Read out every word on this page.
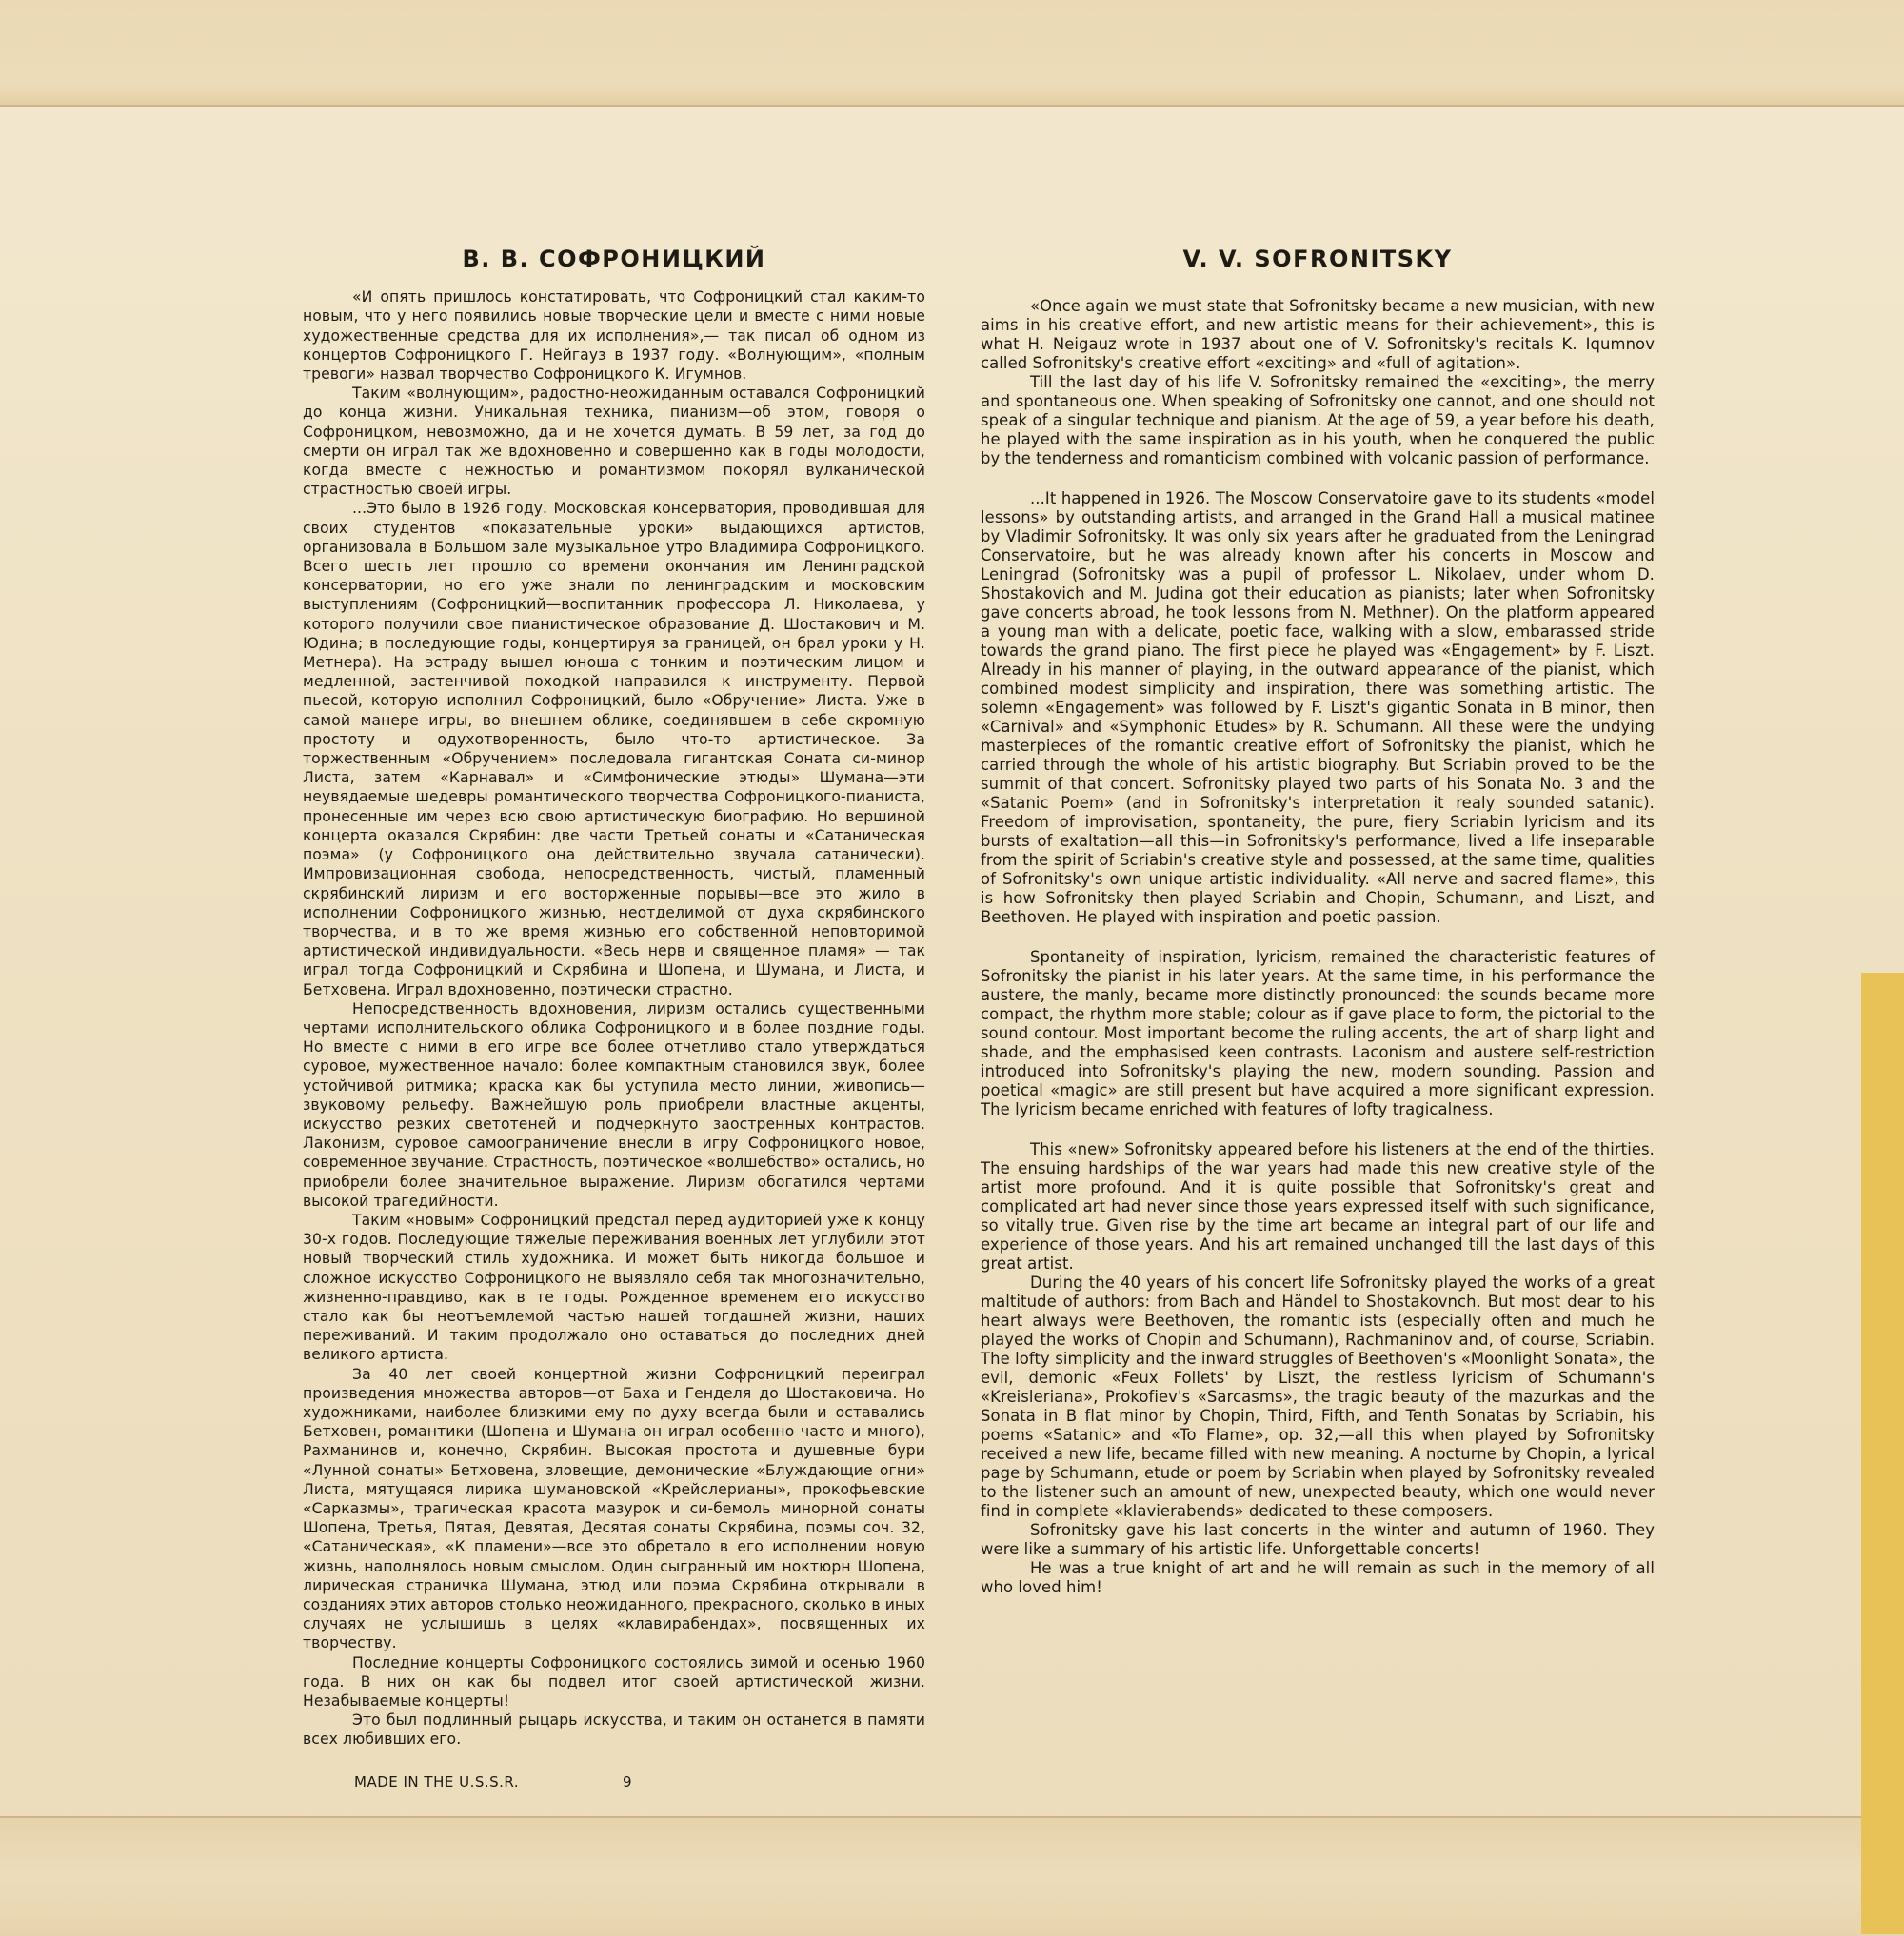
В. В. СОФРОНИЦКИЙ

«И опять пришлось констатировать, что Софроницкий стал каким-то новым, что у него появились новые творческие цели и вместе с ними новые художественные средства для их исполнения»,— так писал об одном из концертов Софроницкого Г. Нейгауз в 1937 году. «Волнующим», «полным тревоги» назвал творчество Софроницкого К. Игумнов.

Таким «волнующим», радостно-неожиданным оставался Софроницкий до конца жизни. Уникальная техника, пианизм—об этом, говоря о Софроницком, невозможно, да и не хочется думать. В 59 лет, за год до смерти он играл так же вдохновенно и совершенно как в годы молодости, когда вместе с нежностью и романтизмом покорял вулканической страстностью своей игры.

...Это было в 1926 году. Московская консерватория, проводившая для своих студентов «показательные уроки» выдающихся артистов, организовала в Большом зале музыкальное утро Владимира Софроницкого. Всего шесть лет прошло со времени окончания им Ленинградской консерватории, но его уже знали по ленинградским и московским выступлениям (Софроницкий—воспитанник профессора Л. Николаева, у которого получили свое пианистическое образование Д. Шостакович и М. Юдина; в последующие годы, концертируя за границей, он брал уроки у Н. Метнера). На эстраду вышел юноша с тонким и поэтическим лицом и медленной, застенчивой походкой направился к инструменту. Первой пьесой, которую исполнил Софроницкий, было «Обручение» Листа. Уже в самой манере игры, во внешнем облике, соединявшем в себе скромную простоту и одухотворенность, было что-то артистическое. За торжественным «Обручением» последовала гигантская Соната си-минор Листа, затем «Карнавал» и «Симфонические этюды» Шумана—эти неувядаемые шедевры романтического творчества Софроницкого-пианиста, пронесенные им через всю свою артистическую биографию. Но вершиной концерта оказался Скрябин: две части Третьей сонаты и «Сатаническая поэма» (у Софроницкого она действительно звучала сатанически). Импровизационная свобода, непосредственность, чистый, пламенный скрябинский лиризм и его восторженные порывы—все это жило в исполнении Софроницкого жизнью, неотделимой от духа скрябинского творчества, и в то же время жизнью его собственной неповторимой артистической индивидуальности. «Весь нерв и священное пламя» — так играл тогда Софроницкий и Скрябина и Шопена, и Шумана, и Листа, и Бетховена. Играл вдохновенно, поэтически страстно.

Непосредственность вдохновения, лиризм остались существенными чертами исполнительского облика Софроницкого и в более поздние годы. Но вместе с ними в его игре все более отчетливо стало утверждаться суровое, мужественное начало: более компактным становился звук, более устойчивой ритмика; краска как бы уступила место линии, живопись—звуковому рельефу. Важнейшую роль приобрели властные акценты, искусство резких светотеней и подчеркнуто заостренных контрастов. Лаконизм, суровое самоограничение внесли в игру Софроницкого новое, современное звучание. Страстность, поэтическое «волшебство» остались, но приобрели более значительное выражение. Лиризм обогатился чертами высокой трагедийности.

Таким «новым» Софроницкий предстал перед аудиторией уже к концу 30-х годов. Последующие тяжелые переживания военных лет углубили этот новый творческий стиль художника. И может быть никогда большое и сложное искусство Софроницкого не выявляло себя так многозначительно, жизненно-правдиво, как в те годы. Рожденное временем его искусство стало как бы неотъемлемой частью нашей тогдашней жизни, наших переживаний. И таким продолжало оно оставаться до последних дней великого артиста.

За 40 лет своей концертной жизни Софроницкий переиграл произведения множества авторов—от Баха и Генделя до Шостаковича. Но художниками, наиболее близкими ему по духу всегда были и оставались Бетховен, романтики (Шопена и Шумана он играл особенно часто и много), Рахманинов и, конечно, Скрябин. Высокая простота и душевные бури «Лунной сонаты» Бетховена, зловещие, демонические «Блуждающие огни» Листа, мятущаяся лирика шумановской «Крейслерианы», прокофьевские «Сарказмы», трагическая красота мазурок и си-бемоль минорной сонаты Шопена, Третья, Пятая, Девятая, Десятая сонаты Скрябина, поэмы соч. 32, «Сатаническая», «К пламени»—все это обретало в его исполнении новую жизнь, наполнялось новым смыслом. Один сыгранный им ноктюрн Шопена, лирическая страничка Шумана, этюд или поэма Скрябина открывали в созданиях этих авторов столько неожиданного, прекрасного, сколько в иных случаях не услышишь в целях «клавирабендах», посвященных их творчеству.

Последние концерты Софроницкого состоялись зимой и осенью 1960 года. В них он как бы подвел итог своей артистической жизни. Незабываемые концерты!

Это был подлинный рыцарь искусства, и таким он останется в памяти всех любивших его.

V. V. SOFRONITSKY

«Once again we must state that Sofronitsky became a new musician, with new aims in his creative effort, and new artistic means for their achievement», this is what H. Neigauz wrote in 1937 about one of V. Sofronitsky's recitals K. Iqumnov called Sofronitsky's creative effort «exciting» and «full of agitation».

Till the last day of his life V. Sofronitsky remained the «exciting», the merry and spontaneous one. When speaking of Sofronitsky one cannot, and one should not speak of a singular technique and pianism. At the age of 59, a year before his death, he played with the same inspiration as in his youth, when he conquered the public by the tenderness and romanticism combined with volcanic passion of performance.

...It happened in 1926. The Moscow Conservatoire gave to its students «model lessons» by outstanding artists, and arranged in the Grand Hall a musical matinee by Vladimir Sofronitsky. It was only six years after he graduated from the Leningrad Conservatoire, but he was already known after his concerts in Moscow and Leningrad (Sofronitsky was a pupil of professor L. Nikolaev, under whom D. Shostakovich and M. Judina got their education as pianists; later when Sofronitsky gave concerts abroad, he took lessons from N. Methner). On the platform appeared a young man with a delicate, poetic face, walking with a slow, embarassed stride towards the grand piano. The first piece he played was «Engagement» by F. Liszt. Already in his manner of playing, in the outward appearance of the pianist, which combined modest simplicity and inspiration, there was something artistic. The solemn «Engagement» was followed by F. Liszt's gigantic Sonata in B minor, then «Carnival» and «Symphonic Etudes» by R. Schumann. All these were the undying masterpieces of the romantic creative effort of Sofronitsky the pianist, which he carried through the whole of his artistic biography. But Scriabin proved to be the summit of that concert. Sofronitsky played two parts of his Sonata No. 3 and the «Satanic Poem» (and in Sofronitsky's interpretation it realy sounded satanic). Freedom of improvisation, spontaneity, the pure, fiery Scriabin lyricism and its bursts of exaltation—all this—in Sofronitsky's performance, lived a life inseparable from the spirit of Scriabin's creative style and possessed, at the same time, qualities of Sofronitsky's own unique artistic individuality. «All nerve and sacred flame», this is how Sofronitsky then played Scriabin and Chopin, Schumann, and Liszt, and Beethoven. He played with inspiration and poetic passion.

Spontaneity of inspiration, lyricism, remained the characteristic features of Sofronitsky the pianist in his later years. At the same time, in his performance the austere, the manly, became more distinctly pronounced: the sounds became more compact, the rhythm more stable; colour as if gave place to form, the pictorial to the sound contour. Most important become the ruling accents, the art of sharp light and shade, and the emphasised keen contrasts. Laconism and austere self-restriction introduced into Sofronitsky's playing the new, modern sounding. Passion and poetical «magic» are still present but have acquired a more significant expression. The lyricism became enriched with features of lofty tragicalness.

This «new» Sofronitsky appeared before his listeners at the end of the thirties. The ensuing hardships of the war years had made this new creative style of the artist more profound. And it is quite possible that Sofronitsky's great and complicated art had never since those years expressed itself with such significance, so vitally true. Given rise by the time art became an integral part of our life and experience of those years. And his art remained unchanged till the last days of this great artist.

During the 40 years of his concert life Sofronitsky played the works of a great maltitude of authors: from Bach and Händel to Shostakovnch. But most dear to his heart always were Beethoven, the romantic ists (especially often and much he played the works of Chopin and Schumann), Rachmaninov and, of course, Scriabin. The lofty simplicity and the inward struggles of Beethoven's «Moonlight Sonata», the evil, demonic «Feux Follets' by Liszt, the restless lyricism of Schumann's «Kreisleriana», Prokofiev's «Sarcasms», the tragic beauty of the mazurkas and the Sonata in B flat minor by Chopin, Third, Fifth, and Tenth Sonatas by Scriabin, his poems «Satanic» and «To Flame», op. 32,—all this when played by Sofronitsky received a new life, became filled with new meaning. A nocturne by Chopin, a lyrical page by Schumann, etude or poem by Scriabin when played by Sofronitsky revealed to the listener such an amount of new, unexpected beauty, which one would never find in complete «klavierabends» dedicated to these composers.

Sofronitsky gave his last concerts in the winter and autumn of 1960. They were like a summary of his artistic life. Unforgettable concerts!

He was a true knight of art and he will remain as such in the memory of all who loved him!

MADE IN THE U.S.S.R.	9
